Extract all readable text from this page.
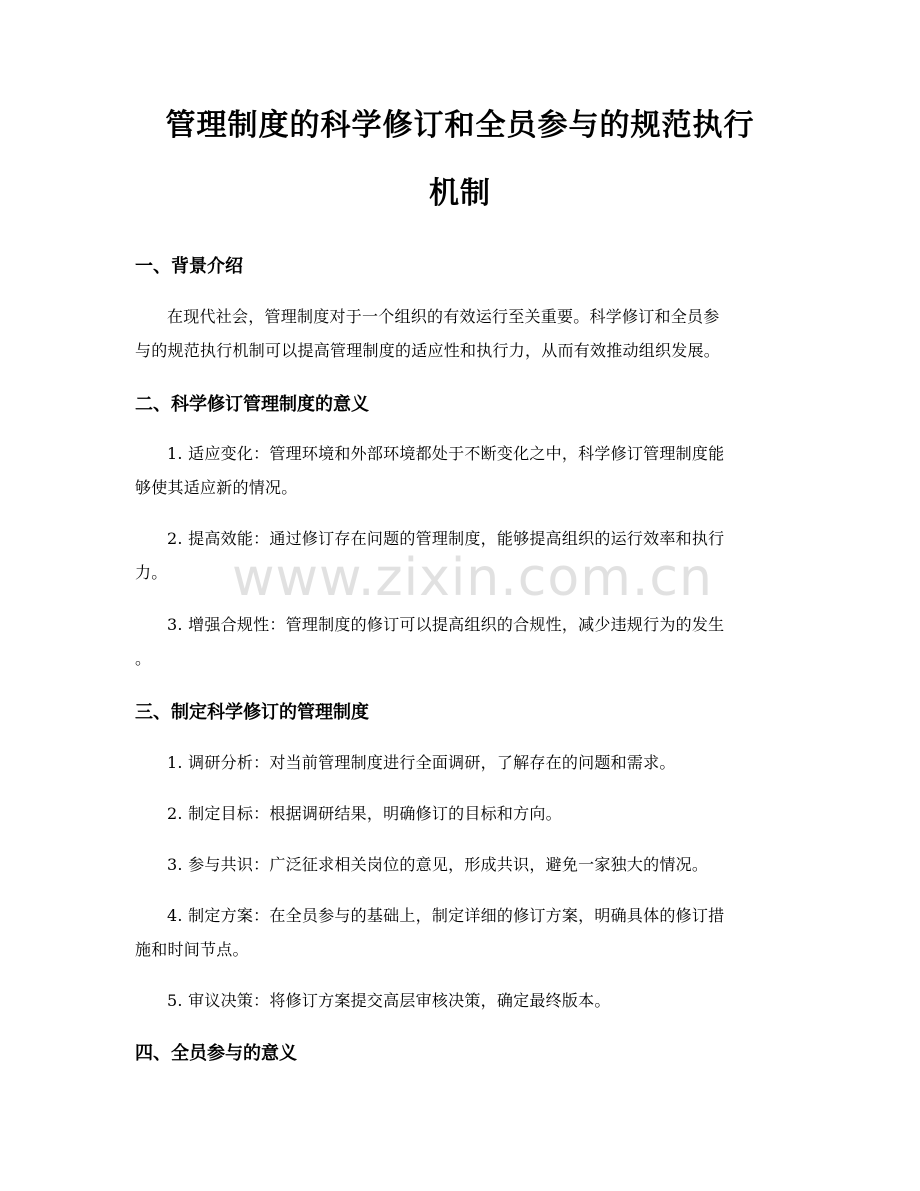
管理制度的科学修订和全员参与的规范执行
机制
一、背景介绍
在现代社会，管理制度对于一个组织的有效运行至关重要。科学修订和全员参
与的规范执行机制可以提高管理制度的适应性和执行力，从而有效推动组织发展。
二、科学修订管理制度的意义
1. 适应变化：管理环境和外部环境都处于不断变化之中，科学修订管理制度能
够使其适应新的情况。
2. 提高效能：通过修订存在问题的管理制度，能够提高组织的运行效率和执行
力。
3. 增强合规性：管理制度的修订可以提高组织的合规性，减少违规行为的发生
。
三、制定科学修订的管理制度
1. 调研分析：对当前管理制度进行全面调研，了解存在的问题和需求。
2. 制定目标：根据调研结果，明确修订的目标和方向。
3. 参与共识：广泛征求相关岗位的意见，形成共识，避免一家独大的情况。
4. 制定方案：在全员参与的基础上，制定详细的修订方案，明确具体的修订措
施和时间节点。
5. 审议决策：将修订方案提交高层审核决策，确定最终版本。
四、全员参与的意义
www.zixin.com.cn
